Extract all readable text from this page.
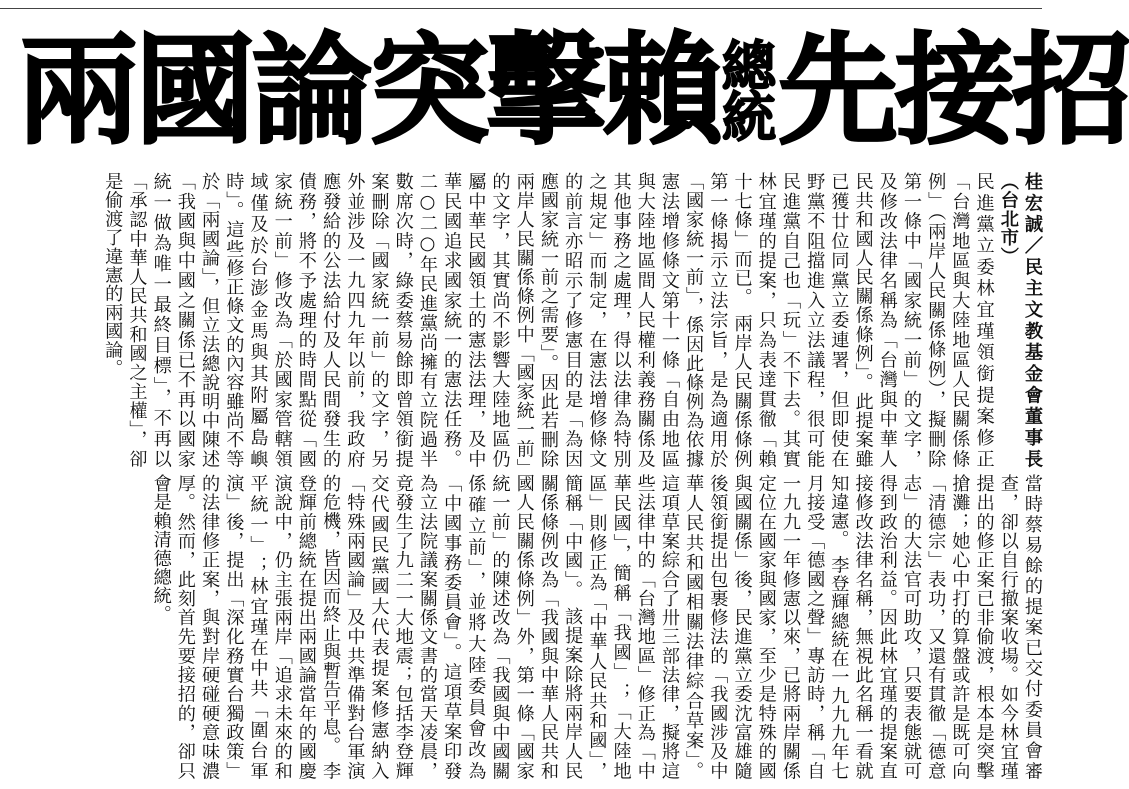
兩國論突擊 賴 總
統 先接招
桂宏誠／民主文教基金會董事長（台北市）

民進黨立委林宜瑾領銜提案修正「台灣地區與大陸地區人民關係條例」（兩岸人民關係條例），擬刪除第一條中「國家統一前」的文字，及修改法律名稱為「台灣與中華人民共和國人民關係條例」。此提案雖已獲廿位同黨立委連署，但即使在野黨不阻擋進入立法議程，很可能民進黨自己也「玩」不下去。其實林宜瑾的提案，只為表達貫徹「賴十七條」而已。

兩岸人民關係條例第一條揭示立法宗旨，是為適用於「國家統一前」，係因此條例為依據憲法增修條文第十一條「自由地區與大陸地區間人民權利義務關係及其他事務之處理，得以法律為特別之規定」而制定，在憲法增修條文的前言亦昭示了修憲目的是「為因應國家統一前之需要」。因此若刪除兩岸人民關係條例中「國家統一前」的文字，其實尚不影響大陸地區仍屬中華民國領土的憲法法理，及中華民國追求國家統一的憲法任務。

二○二○年民進黨尚擁有立院過半數席次時，綠委蔡易餘即曾領銜提案刪除「國家統一前」的文字，另外並涉及一九四九年以前，我政府應發給的公法給付及人民間發生的債務，將不予處理的時間點從「國家統一前」修改為「於國家管轄領域僅及於台澎金馬與其附屬島嶼時」。這些修正條文的內容雖尚不等於「兩國論」，但立法總說明中陳述「我國與中國之關係已不再以國家統一做為唯一最終目標」，不再以「承認中華人民共和國之主權」，卻是偷渡了違憲的兩國論。

當時蔡易餘的提案已交付委員會審查，卻以自行撤案收場。如今林宜瑾提出的修正案已非偷渡，根本是突擊搶灘；她心中打的算盤或許是既可向「清德宗」表功，又還有貫徹「德意志」的大法官可助攻，只要表態就可得到政治利益。因此林宜瑾的提案直接修改法律名稱，無視此名稱一看就知違憲。

李登輝總統在一九九九年七月接受「德國之聲」專訪時，稱「自一九九一年修憲以來，已將兩岸關係定位在國家與國家，至少是特殊的國與國關係」後，民進黨立委沈富雄隨後領銜提出包裹修法的「我國涉及中華人民共和國相關法律綜合草案」。這項草案綜合了卅三部法律，擬將這些法律中的「台灣地區」修正為「中華民國」，簡稱「我國」；「大陸地區」則修正為「中華人民共和國」，簡稱「中國」。

該提案除將兩岸人民關係條例改為「我國與中華人民共和國人民關係條例」外，第一條「國家統一前」的陳述改為「我國與中國關係確立前」，並將大陸委員會改為「中國事務委員會」。這項草案印發為立法院議案關係文書的當天凌晨，竟發生了九二一大地震；包括李登輝交代國民黨國大代表提案修憲納入「特殊兩國論」及中共準備對台軍演的危機，皆因而終止與暫告平息。

李登輝前總統在提出兩國論當年的國慶演說中，仍主張兩岸「追求未來的和平統一」；林宜瑾在中共「圍台軍演」後，提出「深化務實台獨政策」的法律修正案，與對岸硬碰硬意味濃厚。然而，此刻首先要接招的，卻只會是賴清德總統。
